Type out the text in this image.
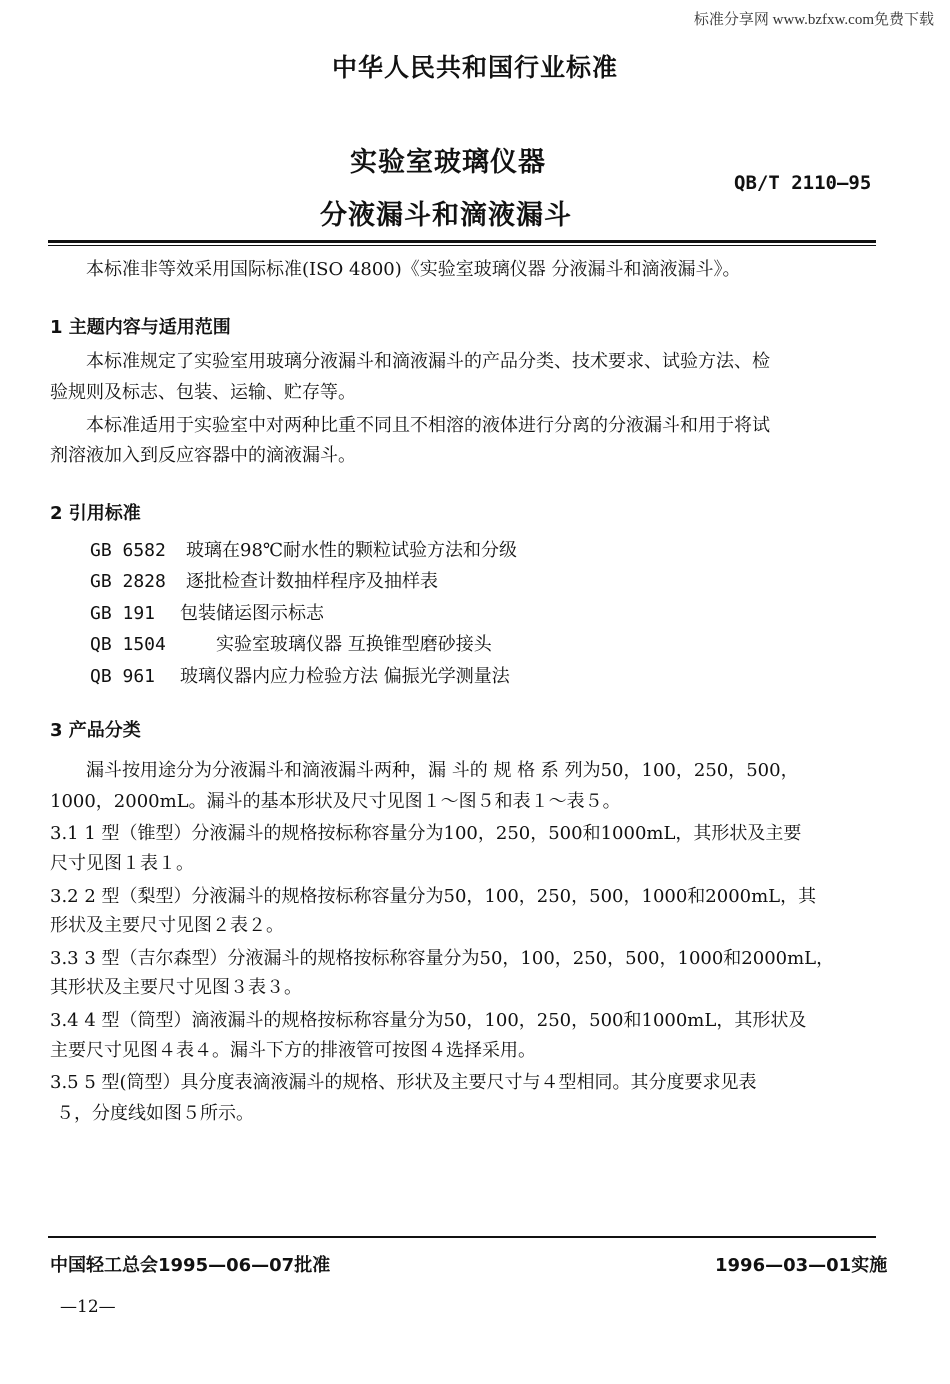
标准分享网 www.bzfxw.com免费下载
中华人民共和国行业标准
实验室玻璃仪器
分液漏斗和滴液漏斗
QB/T 2110—95
本标准非等效采用国际标准(ISO 4800)《实验室玻璃仪器 分液漏斗和滴液漏斗》。
1 主题内容与适用范围
本标准规定了实验室用玻璃分液漏斗和滴液漏斗的产品分类、技术要求、试验方法、检
验规则及标志、包装、运输、贮存等。
本标准适用于实验室中对两种比重不同且不相溶的液体进行分离的分液漏斗和用于将试
剂溶液加入到反应容器中的滴液漏斗。
2 引用标准
GB 6582 玻璃在98℃耐水性的颗粒试验方法和分级
GB 2828 逐批检查计数抽样程序及抽样表
GB 191 包装储运图示标志
QB 1504	实验室玻璃仪器 互换锥型磨砂接头
QB 961 玻璃仪器内应力检验方法 偏振光学测量法
3 产品分类
漏斗按用途分为分液漏斗和滴液漏斗两种，漏 斗的 规 格 系 列为50，100，250，500，
1000，2000mL。漏斗的基本形状及尺寸见图１～图５和表１～表５。
3.1 1 型（锥型）分液漏斗的规格按标称容量分为100，250，500和1000mL，其形状及主要
尺寸见图１表１。
3.2 2 型（梨型）分液漏斗的规格按标称容量分为50，100，250，500，1000和2000mL，其
形状及主要尺寸见图２表２。
3.3 3 型（吉尔森型）分液漏斗的规格按标称容量分为50，100，250，500，1000和2000mL，
其形状及主要尺寸见图３表３。
3.4 4 型（筒型）滴液漏斗的规格按标称容量分为50，100，250，500和1000mL，其形状及
主要尺寸见图４表４。漏斗下方的排液管可按图４选择采用。
3.5 5 型(筒型）具分度表滴液漏斗的规格、形状及主要尺寸与４型相同。其分度要求见表
５，分度线如图５所示。
中国轻工总会1995—06—07批准	1996—03—01实施
—12—
